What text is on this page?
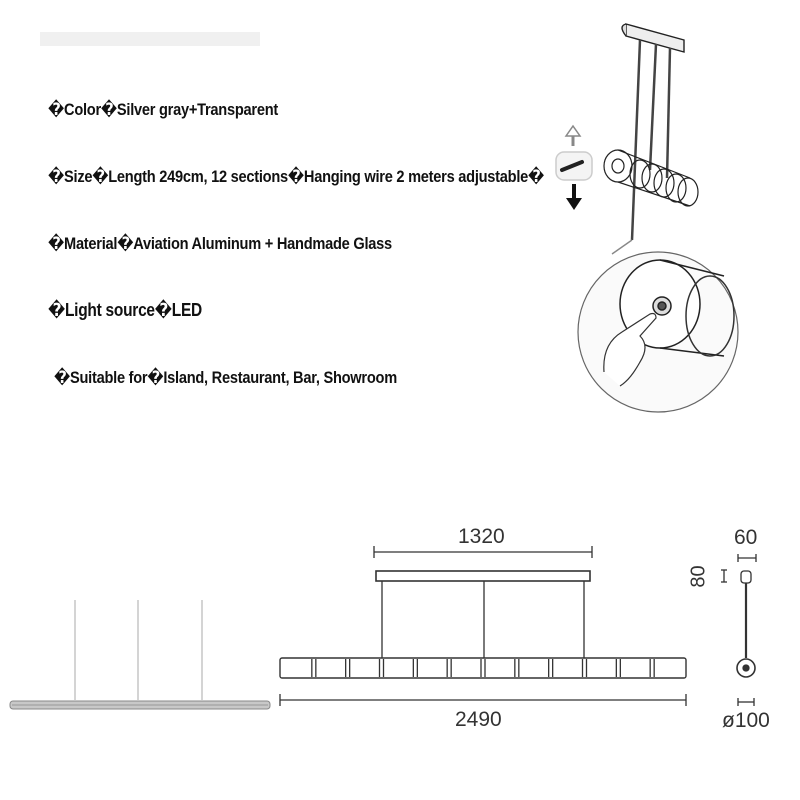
�Color�Silver gray+Transparent
�Size�Length 249cm, 12 sections�Hanging wire 2 meters adjustable�
�Material�Aviation Aluminum + Handmade Glass
�Light source�LED
�Suitable for�Island, Restaurant, Bar, Showroom
1320
2490
60
80
ø100
